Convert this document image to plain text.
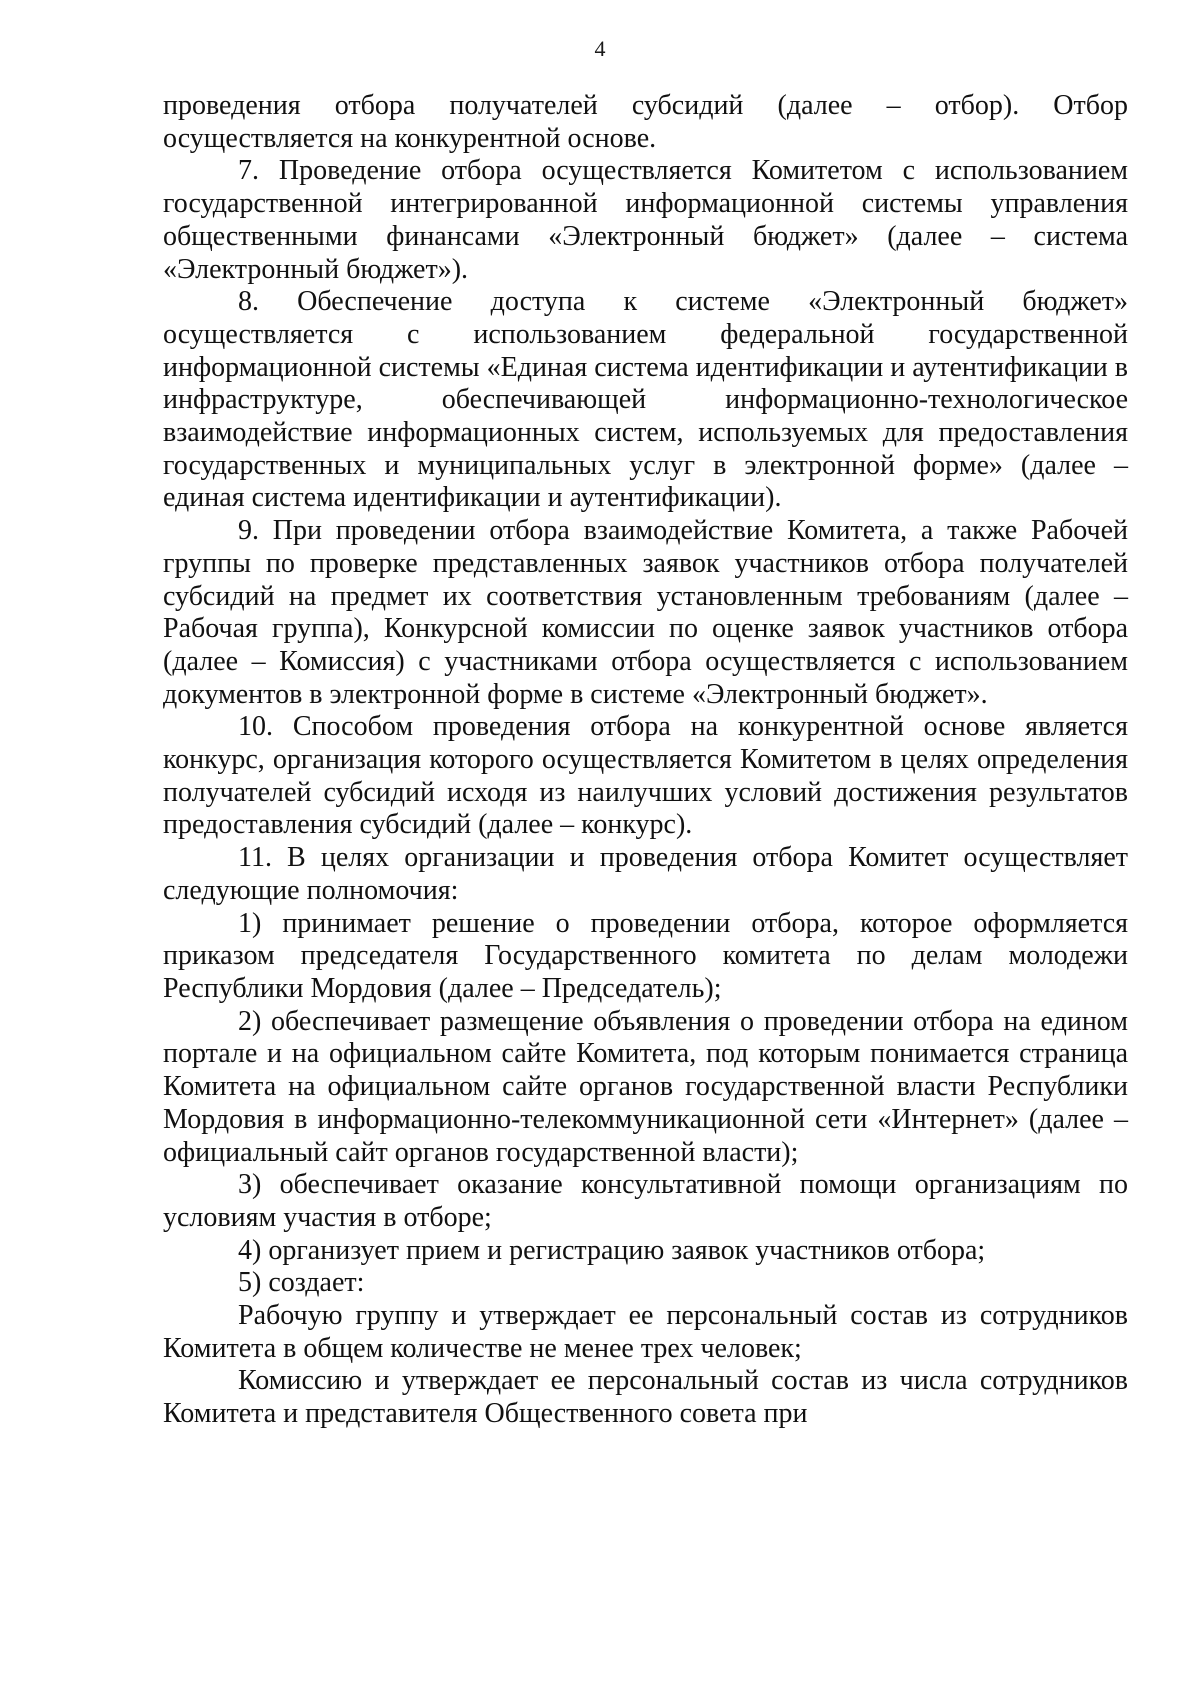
4

проведения отбора получателей субсидий (далее – отбор). Отбор осуществляется на конкурентной основе.

7. Проведение отбора осуществляется Комитетом с использованием государственной интегрированной информационной системы управления общественными финансами «Электронный бюджет» (далее – система «Электронный бюджет»).

8. Обеспечение доступа к системе «Электронный бюджет» осуществляется с использованием федеральной государственной информационной системы «Единая система идентификации и аутентификации в инфраструктуре, обеспечивающей информационно-технологическое взаимодействие информационных систем, используемых для предоставления государственных и муниципальных услуг в электронной форме» (далее – единая система идентификации и аутентификации).

9. При проведении отбора взаимодействие Комитета, а также Рабочей группы по проверке представленных заявок участников отбора получателей субсидий на предмет их соответствия установленным требованиям (далее – Рабочая группа), Конкурсной комиссии по оценке заявок участников отбора (далее – Комиссия) с участниками отбора осуществляется с использованием документов в электронной форме в системе «Электронный бюджет».

10. Способом проведения отбора на конкурентной основе является конкурс, организация которого осуществляется Комитетом в целях определения получателей субсидий исходя из наилучших условий достижения результатов предоставления субсидий (далее – конкурс).

11. В целях организации и проведения отбора Комитет осуществляет следующие полномочия:

1) принимает решение о проведении отбора, которое оформляется приказом председателя Государственного комитета по делам молодежи Республики Мордовия (далее – Председатель);

2) обеспечивает размещение объявления о проведении отбора на едином портале и на официальном сайте Комитета, под которым понимается страница Комитета на официальном сайте органов государственной власти Республики Мордовия в информационно-телекоммуникационной сети «Интернет» (далее – официальный сайт органов государственной власти);

3) обеспечивает оказание консультативной помощи организациям по условиям участия в отборе;

4) организует прием и регистрацию заявок участников отбора;

5) создает:

Рабочую группу и утверждает ее персональный состав из сотрудников Комитета в общем количестве не менее трех человек;

Комиссию и утверждает ее персональный состав из числа сотрудников Комитета и представителя Общественного совета при
